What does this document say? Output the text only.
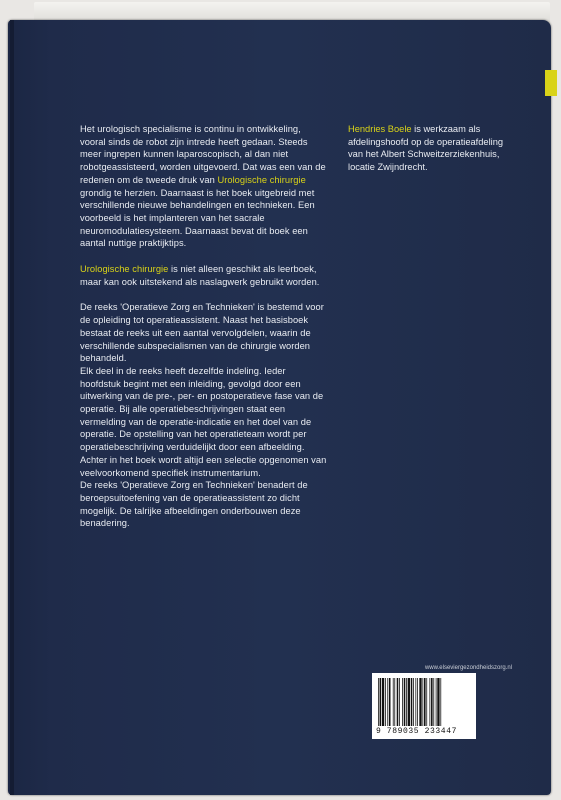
Het urologisch specialisme is continu in ontwikkeling, vooral sinds de robot zijn intrede heeft gedaan. Steeds meer ingrepen kunnen laparoscopisch, al dan niet robotgeassisteerd, worden uitgevoerd. Dat was een van de redenen om de tweede druk van Urologische chirurgie grondig te herzien. Daarnaast is het boek uitgebreid met verschillende nieuwe behandelingen en technieken. Een voorbeeld is het implanteren van het sacrale neuromodulatiesysteem. Daarnaast bevat dit boek een aantal nuttige praktijktips.

Urologische chirurgie is niet alleen geschikt als leerboek, maar kan ook uitstekend als naslagwerk gebruikt worden.

De reeks 'Operatieve Zorg en Technieken' is bestemd voor de opleiding tot operatieassistent. Naast het basisboek bestaat de reeks uit een aantal vervolgdelen, waarin de verschillende subspecialismen van de chirurgie worden behandeld.
Elk deel in de reeks heeft dezelfde indeling. Ieder hoofdstuk begint met een inleiding, gevolgd door een uitwerking van de pre-, per- en postoperatieve fase van de operatie. Bij alle operatiebeschrijvingen staat een vermelding van de operatie-indicatie en het doel van de operatie. De opstelling van het operatieteam wordt per operatiebeschrijving verduidelijkt door een afbeelding. Achter in het boek wordt altijd een selectie opgenomen van veelvoorkomend specifiek instrumentarium.
De reeks 'Operatieve Zorg en Technieken' benadert de beroepsuitoefening van de operatieassistent zo dicht mogelijk. De talrijke afbeeldingen onderbouwen deze benadering.

Hendries Boele is werkzaam als afdelingshoofd op de operatieafdeling van het Albert Schweitzerziekenhuis, locatie Zwijndrecht.

www.elseviergezondheidszorg.nl
9 789035 233447
